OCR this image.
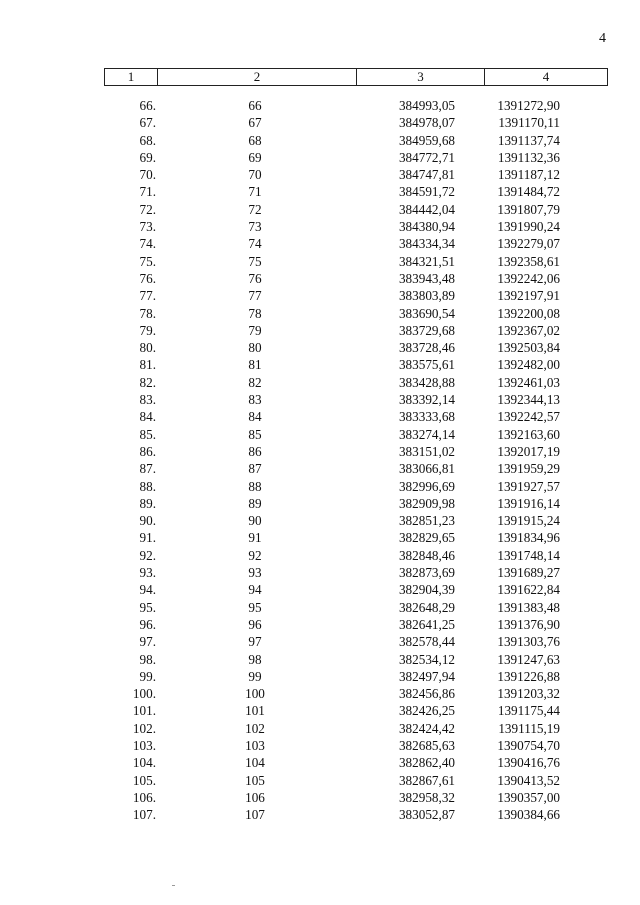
4
1	2	3	4
66.	66	384993,05	1391272,90
67.	67	384978,07	1391170,11
68.	68	384959,68	1391137,74
69.	69	384772,71	1391132,36
70.	70	384747,81	1391187,12
71.	71	384591,72	1391484,72
72.	72	384442,04	1391807,79
73.	73	384380,94	1391990,24
74.	74	384334,34	1392279,07
75.	75	384321,51	1392358,61
76.	76	383943,48	1392242,06
77.	77	383803,89	1392197,91
78.	78	383690,54	1392200,08
79.	79	383729,68	1392367,02
80.	80	383728,46	1392503,84
81.	81	383575,61	1392482,00
82.	82	383428,88	1392461,03
83.	83	383392,14	1392344,13
84.	84	383333,68	1392242,57
85.	85	383274,14	1392163,60
86.	86	383151,02	1392017,19
87.	87	383066,81	1391959,29
88.	88	382996,69	1391927,57
89.	89	382909,98	1391916,14
90.	90	382851,23	1391915,24
91.	91	382829,65	1391834,96
92.	92	382848,46	1391748,14
93.	93	382873,69	1391689,27
94.	94	382904,39	1391622,84
95.	95	382648,29	1391383,48
96.	96	382641,25	1391376,90
97.	97	382578,44	1391303,76
98.	98	382534,12	1391247,63
99.	99	382497,94	1391226,88
100.	100	382456,86	1391203,32
101.	101	382426,25	1391175,44
102.	102	382424,42	1391115,19
103.	103	382685,63	1390754,70
104.	104	382862,40	1390416,76
105.	105	382867,61	1390413,52
106.	106	382958,32	1390357,00
107.	107	383052,87	1390384,66
